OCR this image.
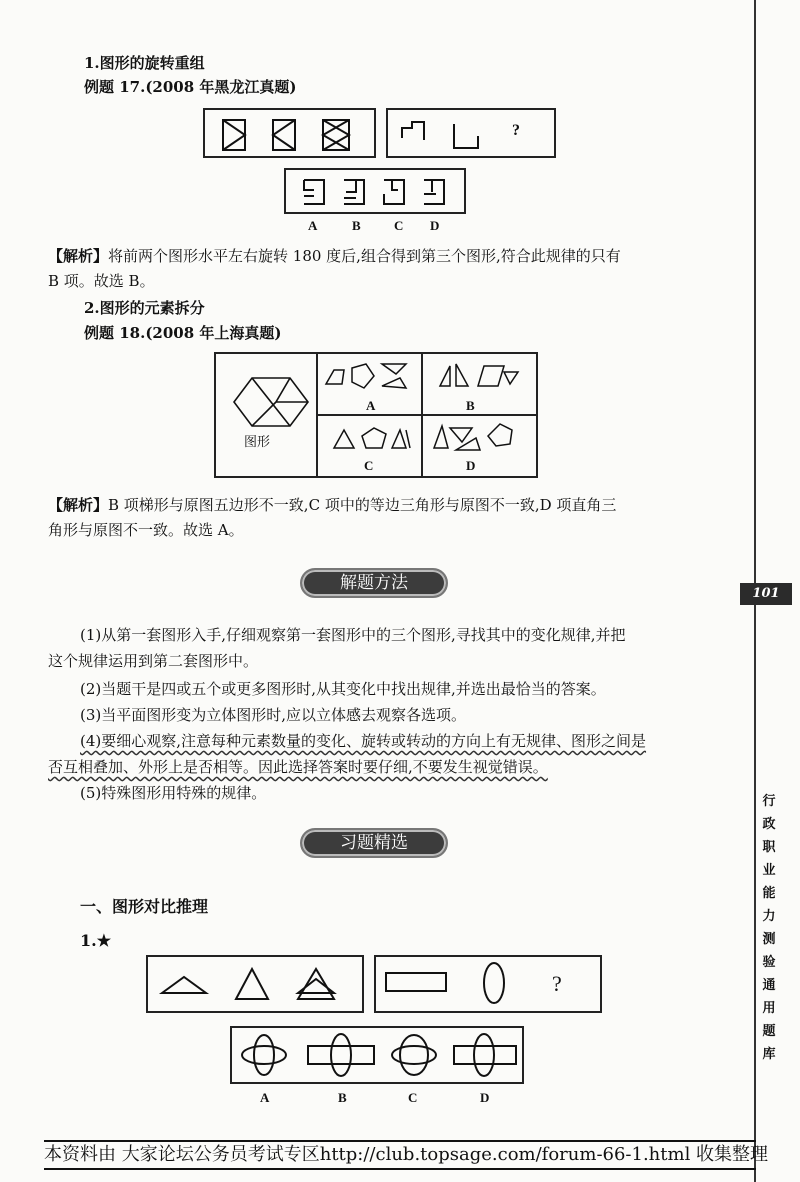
101
行
政
职
业
能
力
测
验
通
用
题
库
1.图形的旋转重组
例题 17.(2008 年黑龙江真题)
?
A	B	C D
【解析】将前两个图形水平左右旋转 180 度后,组合得到第三个图形,符合此规律的只有
B 项。故选 B。
2.图形的元素拆分
例题 18.(2008 年上海真题)
图形
A	B
C	D
【解析】B 项梯形与原图五边形不一致,C 项中的等边三角形与原图不一致,D 项直角三
角形与原图不一致。故选 A。
解题方法
(1)从第一套图形入手,仔细观察第一套图形中的三个图形,寻找其中的变化规律,并把
这个规律运用到第二套图形中。
(2)当题干是四或五个或更多图形时,从其变化中找出规律,并选出最恰当的答案。
(3)当平面图形变为立体图形时,应以立体感去观察各选项。
(4)要细心观察,注意每种元素数量的变化、旋转或转动的方向上有无规律、图形之间是
否互相叠加、外形上是否相等。因此选择答案时要仔细,不要发生视觉错误。
(5)特殊图形用特殊的规律。
习题精选
一、图形对比推理
1.★
?
A	B	C	D
本资料由 大家论坛公务员考试专区http://club.topsage.com/forum-66-1.html 收集整理
